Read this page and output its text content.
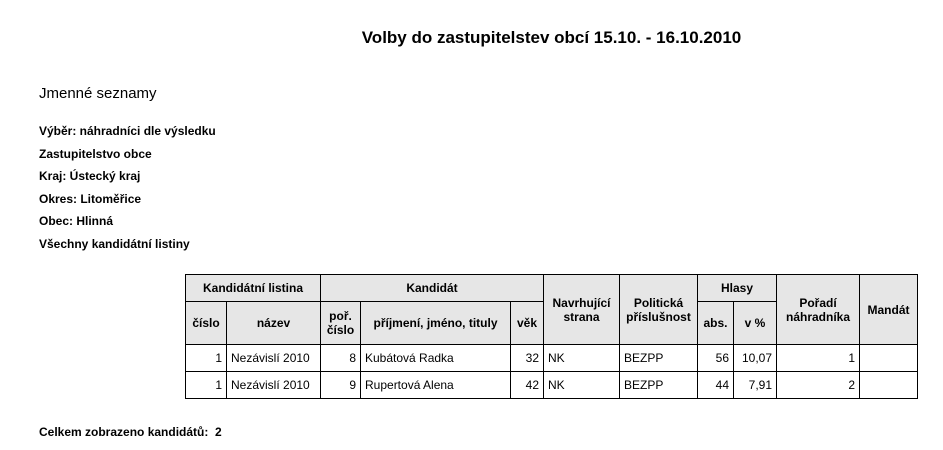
Volby do zastupitelstev obcí 15.10. - 16.10.2010
Jmenné seznamy
Výběr: náhradníci dle výsledku
Zastupitelstvo obce
Kraj: Ústecký kraj
Okres: Litoměřice
Obec: Hlinná
Všechny kandidátní listiny
Kandidátní listina		Kandidát			Navrhující strana	Politická příslušnost	Hlasy		Pořadí náhradníka	Mandát
číslo	název	poř. číslo	příjmení, jméno, tituly	věk			abs.	v %		
1	Nezávislí 2010	8	Kubátová Radka	32	NK	BEZPP	56	10,07	1	
1	Nezávislí 2010	9	Rupertová Alena	42	NK	BEZPP	44	7,91	2	
Celkem zobrazeno kandidátů:  2
